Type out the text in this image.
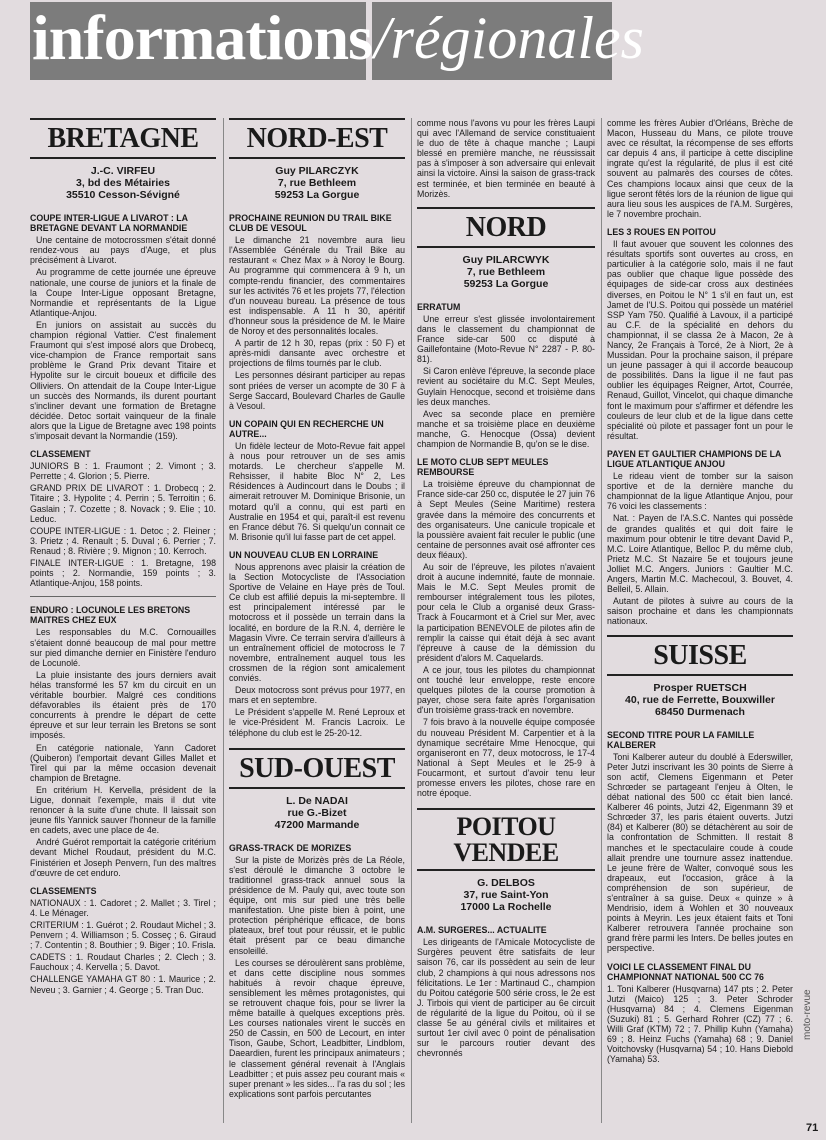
informations /régionales
BRETAGNE
J.-C. VIRFEU
3, bd des Métairies
35510 Cesson-Sévigné
COUPE INTER-LIGUE A LIVAROT : LA BRETAGNE DEVANT LA NORMANDIE

Une centaine de motocrossmen s'était donné rendez-vous au pays d'Auge, et plus précisément à Livarot.

Au programme de cette journée une épreuve nationale, une course de juniors et la finale de la Coupe Inter-Ligue opposant Bretagne, Normandie et représentants de la Ligue Atlantique-Anjou.

En juniors on assistait au succès du champion régional Vattier. C'est finalement Fraumont qui s'est imposé alors que Drobecq, vice-champion de France remportait sans problème le Grand Prix devant Titaire et Hypolite sur le circuit boueux et difficile des Olliviers. On attendait de la Coupe Inter-Ligue un succès des Normands, ils durent pourtant s'incliner devant une formation de Bretagne décidée. Detoc sortait vainqueur de la finale alors que la Ligue de Bretagne avec 198 points s'imposait devant la Normandie (159).

CLASSEMENT

JUNIORS B : 1. Fraumont ; 2. Vimont ; 3. Perrette ; 4. Glorion ; 5. Pierre.

GRAND PRIX DE LIVAROT : 1. Drobecq ; 2. Titaire ; 3. Hypolite ; 4. Perrin ; 5. Terroitin ; 6. Gaslain ; 7. Cozette ; 8. Novack ; 9. Elie ; 10. Leduc.

COUPE INTER-LIGUE : 1. Detoc ; 2. Fleiner ; 3. Prietz ; 4. Renault ; 5. Duval ; 6. Perrier ; 7. Renaud ; 8. Rivière ; 9. Mignon ; 10. Kerroch.

FINALE INTER-LIGUE : 1. Bretagne, 198 points ; 2. Normandie, 159 points ; 3. Atlantique-Anjou, 158 points.

ENDURO : LOCUNOLE LES BRETONS MAITRES CHEZ EUX

Les responsables du M.C. Cornouailles s'étaient donné beaucoup de mal pour mettre sur pied dimanche dernier en Finistère l'enduro de Locunolé.

La pluie insistante des jours derniers avait hélas transformé les 57 km du circuit en un véritable bourbier. Malgré ces conditions défavorables ils étaient près de 170 concurrents à prendre le départ de cette épreuve et sur leur terrain les Bretons se sont imposés.

En catégorie nationale, Yann Cadoret (Quiberon) l'emportait devant Gilles Mallet et Tirel qui par la même occasion devenait champion de Bretagne.

En critérium H. Kervella, président de la Ligue, donnait l'exemple, mais il dut vite renoncer à la suite d'une chute. Il laissait son jeune fils Yannick sauver l'honneur de la famille en cadets, avec une place de 4e.

André Guérot remportait la catégorie critérium devant Michel Roudaut, président du M.C. Finistérien et Joseph Penvern, l'un des maîtres d'œuvre de cet enduro.

CLASSEMENTS

NATIONAUX : 1. Cadoret ; 2. Mallet ; 3. Tirel ; 4. Le Ménager.

CRITERIUM : 1. Guérot ; 2. Roudaut Michel ; 3. Penvern ; 4. Williamson ; 5. Cosseç ; 6. Giraud ; 7. Contentin ; 8. Bouthier ; 9. Biger ; 10. Frisla.

CADETS : 1. Roudaut Charles ; 2. Clech ; 3. Fauchoux ; 4. Kervella ; 5. Davot.

CHALLENGE YAMAHA GT 80 : 1. Maurice ; 2. Neveu ; 3. Garnier ; 4. George ; 5. Tran Duc.

NORD-EST
Guy PILARCZYK
7, rue Bethleem
59253 La Gorgue
PROCHAINE REUNION DU TRAIL BIKE CLUB DE VESOUL

Le dimanche 21 novembre aura lieu l'Assemblée Générale du Trail Bike au restaurant « Chez Max » à Noroy le Bourg. Au programme qui commencera à 9 h, un compte-rendu financier, des commentaires sur les activités 76 et les projets 77, l'élection d'un nouveau bureau. La présence de tous est indispensable. A 11 h 30, apéritif d'honneur sous la présidence de M. le Maire de Noroy et des personnalités locales.

A partir de 12 h 30, repas (prix : 50 F) et après-midi dansante avec orchestre et projections de films tournés par le club.

Les personnes désirant participer au repas sont priées de verser un acompte de 30 F à Serge Saccard, Boulevard Charles de Gaulle à Vesoul.

UN COPAIN QUI EN RECHERCHE UN AUTRE...

Un fidèle lecteur de Moto-Revue fait appel à nous pour retrouver un de ses amis motards. Le chercheur s'appelle M. Rehsisser, il habite Bloc N° 2, Les Résidences à Audincourt dans le Doubs ; il aimerait retrouver M. Dominique Brisonie, un motard qu'il a connu, qui est parti en Australie en 1954 et qui, paraît-il est revenu en France début 76. Si quelqu'un connait ce M. Brisonie qu'il lui fasse part de cet appel.

UN NOUVEAU CLUB EN LORRAINE

Nous apprenons avec plaisir la création de la Section Motocycliste de l'Association Sportive de Velaine en Haye près de Toul. Ce club est affilié depuis la mi-septembre. Il est principalement intéressé par le motocross et il possède un terrain dans la localité, en bordure de la R.N. 4, derrière le Magasin Vivre. Ce terrain servira d'ailleurs à un entraînement officiel de motocross le 7 novembre, entraînement auquel tous les crossmen de la région sont amicalement conviés.

Deux motocross sont prévus pour 1977, en mars et en septembre.

Le Président s'appelle M. René Leproux et le vice-Président M. Francis Lacroix. Le téléphone du club est le 25-20-12.

SUD-OUEST
L. De NADAI
rue G.-Bizet
47200 Marmande
GRASS-TRACK DE MORIZES

Sur la piste de Morizès près de La Réole, s'est déroulé le dimanche 3 octobre le traditionnel grass-track annuel sous la présidence de M. Pauly qui, avec toute son équipe, ont mis sur pied une très belle manifestation. Une piste bien à point, une protection périphérique efficace, de bons plateaux, bref tout pour réussir, et le public était présent par ce beau dimanche ensoleillé.

Les courses se déroulèrent sans problème, et dans cette discipline nous sommes habitués à revoir chaque épreuve, sensiblement les mêmes protagonistes, qui se retrouvent chaque fois, pour se livrer la même bataille à quelques exceptions près. Les courses nationales virent le succès en 250 de Cassin, en 500 de Lecourt, en inter Tison, Gaube, Schort, Leadbitter, Lindblom, Daeardien, furent les principaux animateurs ; le classement général revenait à l'Anglais Leadbitter ; et puis assez peu courant mais « super prenant » les sides... l'a ras du sol ; les explications sont parfois percutantes

comme nous l'avons vu pour les frères Laupi qui avec l'Allemand de service constituaient le duo de tête à chaque manche ; Laupi blessé en première manche, ne réussissait pas à s'imposer à son adversaire qui enlevait ainsi la victoire. Ainsi la saison de grass-track est terminée, et bien terminée en beauté à Morizès.

NORD
Guy PILARCWYK
7, rue Bethleem
59253 La Gorgue
ERRATUM

Une erreur s'est glissée involontairement dans le classement du championnat de France side-car 500 cc disputé à Gaillefontaine (Moto-Revue N° 2287 - P. 80-81).

Si Caron enlève l'épreuve, la seconde place revient au sociétaire du M.C. Sept Meules, Guylain Henocque, second et troisième dans les deux manches.

Avec sa seconde place en première manche et sa troisième place en deuxième manche, G. Henocque (Ossa) devient champion de Normandie B, qu'on se le dise.

LE MOTO CLUB SEPT MEULES REMBOURSE

La troisième épreuve du championnat de France side-car 250 cc, disputée le 27 juin 76 à Sept Meules (Seine Maritime) restera gravée dans la mémoire des concurrents et des organisateurs. Une canicule tropicale et la poussière avaient fait reculer le public (une centaine de personnes avait osé affronter ces deux fléaux).

Au soir de l'épreuve, les pilotes n'avaient droit à aucune indemnité, faute de monnaie. Mais le M.C. Sept Meules promit de rembourser intégralement tous les pilotes, pour cela le Club a organisé deux Grass-Track à Foucarmont et à Criel sur Mer, avec la participation BENEVOLE de pilotes afin de remplir la caisse qui était déjà à sec avant l'épreuve à cause de la démission du président d'alors M. Caquelards.

A ce jour, tous les pilotes du championnat ont touché leur enveloppe, reste encore quelques pilotes de la course promotion à payer, chose sera faite après l'organisation d'un troisième grass-track en novembre.

7 fois bravo à la nouvelle équipe composée du nouveau Président M. Carpentier et à la dynamique secrétaire Mme Henocque, qui organiseront en 77, deux motocross, le 17-4 National à Sept Meules et le 25-9 à Foucarmont, et surtout d'avoir tenu leur promesse envers les pilotes, chose rare en notre époque.

POITOU VENDEE
G. DELBOS
37, rue Saint-Yon
17000 La Rochelle
A.M. SURGERES... ACTUALITE

Les dirigeants de l'Amicale Motocycliste de Surgères peuvent être satisfaits de leur saison 76, car ils possèdent au sein de leur club, 2 champions à qui nous adressons nos félicitations. Le 1er : Martinaud C., champion du Poitou catégorie 500 série cross, le 2e est J. Tirbois qui vient de participer au 6e circuit de régularité de la ligue du Poitou, où il se classe 5e au général civils et militaires et surtout 1er civil avec 0 point de pénalisation sur le parcours routier devant des chevronnés

comme les frères Aubier d'Orléans, Brèche de Macon, Husseau du Mans, ce pilote trouve avec ce résultat, la récompense de ses efforts car depuis 4 ans, il participe à cette discipline ingrate qu'est la régularité, de plus il est cité souvent au palmarès des courses de côtes. Ces champions locaux ainsi que ceux de la ligue seront fêtés lors de la réunion de ligue qui aura lieu sous les auspices de l'A.M. Surgères, le 7 novembre prochain.

LES 3 ROUES EN POITOU

Il faut avouer que souvent les colonnes des résultats sportifs sont ouvertes au cross, en particulier à la catégorie solo, mais il ne faut pas oublier que chaque ligue possède des équipages de side-car cross aux destinées diverses, en Poitou le N° 1 s'il en faut un, est Jamet de l'U.S. Poitou qui possède un matériel SSP Yam 750. Qualifié à Lavoux, il a participé au C.F. de la spécialité en dehors du championnat, il se classa 2e à Macon, 2e à Nancy, 2e Français à Torcé, 2e à Niort, 2e à Mussidan. Pour la prochaine saison, il prépare un jeune passager à qui il accorde beaucoup de possibilités. Dans la ligue il ne faut pas oublier les équipages Reigner, Artot, Courrée, Renaud, Guillot, Vincelot, qui chaque dimanche font le maximum pour s'affirmer et défendre les couleurs de leur club et de la ligue dans cette spécialité où pilote et passager font un pour le résultat.

PAYEN ET GAULTIER CHAMPIONS DE LA LIGUE ATLANTIQUE ANJOU

Le rideau vient de tomber sur la saison sportive et de la dernière manche du championnat de la ligue Atlantique Anjou, pour 76 voici les classements :

Nat. : Payen de l'A.S.C. Nantes qui possède de grandes qualités et qui doit faire le maximum pour obtenir le titre devant David P., M.C. Loire Atlantique, Belloc P. du même club, Prietz M.C. St Nazaire 5e et toujours jeune Jolliet M.C. Angers. Juniors : Gaultier M.C. Angers, Martin M.C. Machecoul, 3. Bouvet, 4. Belleil, 5. Allain.

Autant de pilotes à suivre au cours de la saison prochaine et dans les championnats nationaux.

SUISSE
Prosper RUETSCH
40, rue de Ferrette, Bouxwiller
68450 Durmenach
SECOND TITRE POUR LA FAMILLE KALBERER

Toni Kalberer auteur du doublé à Ederswiller, Peter Jutzi inscrivant les 30 points de Sierre à son actif, Clemens Eigenmann et Peter Schrœder se partageant l'enjeu à Olten, le débat national des 500 cc était bien lancé. Kalberer 46 points, Jutzi 42, Eigenmann 39 et Schrœder 37, les paris étaient ouverts. Jutzi (84) et Kalberer (80) se détachèrent au soir de la confrontation de Schmitten. Il restait 8 manches et le spectaculaire coude à coude allait prendre une tournure assez inattendue. Le jeune frère de Walter, convoqué sous les drapeaux, eut l'occasion, grâce à la compréhension de son supérieur, de s'entraîner à sa guise. Deux « quinze » à Mendrisio, idem à Wohlen et 30 nouveaux points à Meyrin. Les jeux étaient faits et Toni Kalberer retrouvera l'année prochaine son grand frère parmi les Inters. De belles joutes en perspective.

VOICI LE CLASSEMENT FINAL DU CHAMPIONNAT NATIONAL 500 CC 76

1. Toni Kalberer (Husqvarna) 147 pts ; 2. Peter Jutzi (Maico) 125 ; 3. Peter Schroder (Husqvarna) 84 ; 4. Clemens Eigenman (Suzuki) 81 ; 5. Gerhard Rohrer (CZ) 77 ; 6. Willi Graf (KTM) 72 ; 7. Phillip Kuhn (Yamaha) 69 ; 8. Heinz Fuchs (Yamaha) 68 ; 9. Daniel Voitchovsky (Husqvarna) 54 ; 10. Hans Diebold (Yamaha) 53.

moto-revue
71
